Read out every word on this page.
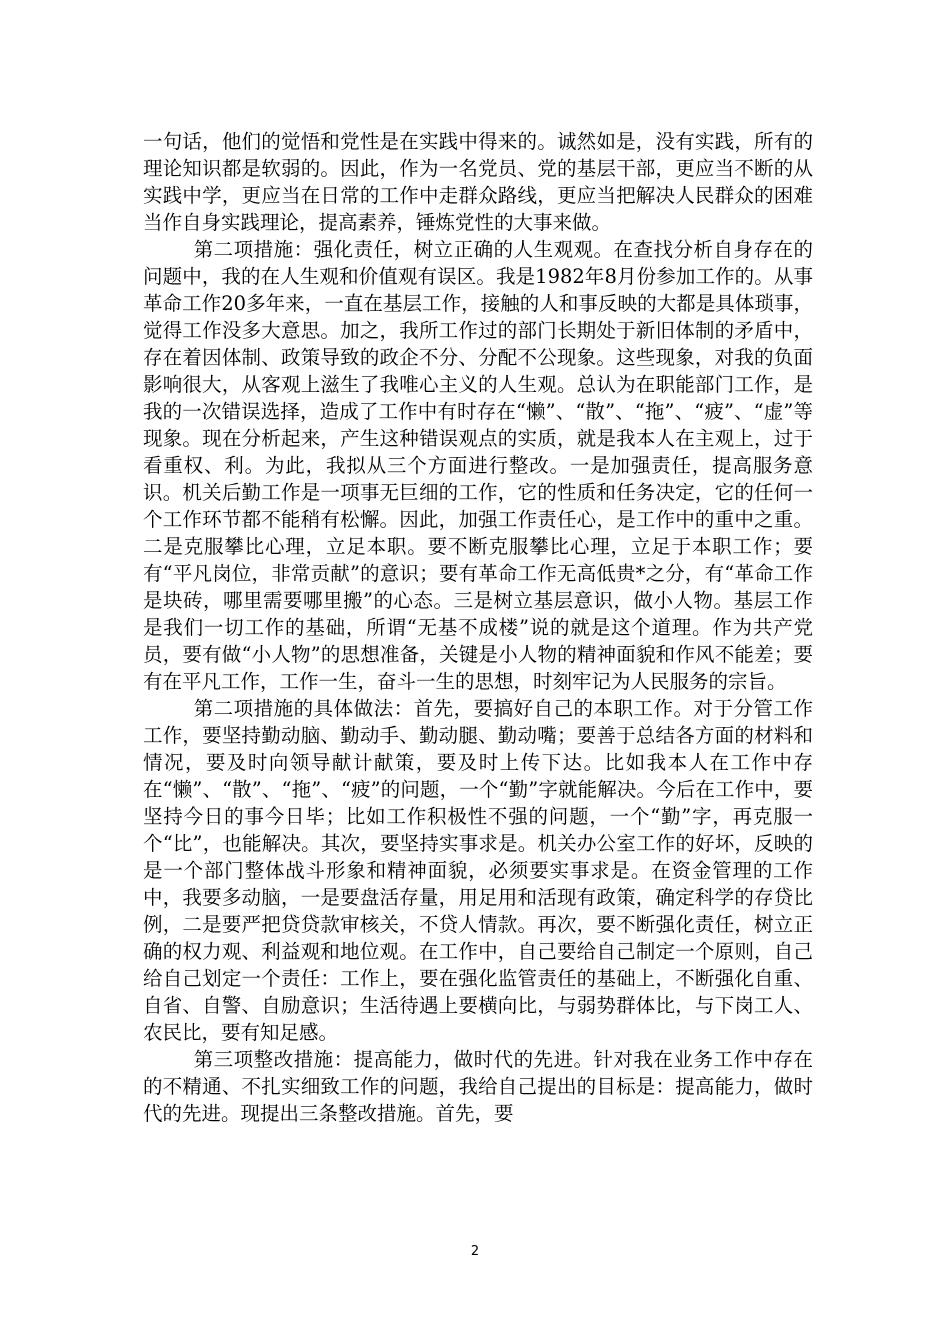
一句话，他们的觉悟和党性是在实践中得来的。诚然如是，没有实践，所有的理论知识都是软弱的。因此，作为一名党员、党的基层干部，更应当不断的从实践中学，更应当在日常的工作中走群众路线，更应当把解决人民群众的困难当作自身实践理论，提高素养，锤炼党性的大事来做。

第二项措施：强化责任，树立正确的人生观观。在查找分析自身存在的问题中，我的在人生观和价值观有误区。我是1982年8月份参加工作的。从事革命工作20多年来，一直在基层工作，接触的人和事反映的大都是具体琐事，觉得工作没多大意思。加之，我所工作过的部门长期处于新旧体制的矛盾中，存在着因体制、政策导致的政企不分、分配不公现象。这些现象，对我的负面影响很大，从客观上滋生了我唯心主义的人生观。总认为在职能部门工作，是我的一次错误选择，造成了工作中有时存在“懒”、“散”、“拖”、“疲”、“虚”等现象。现在分析起来，产生这种错误观点的实质，就是我本人在主观上，过于看重权、利。为此，我拟从三个方面进行整改。一是加强责任，提高服务意识。机关后勤工作是一项事无巨细的工作，它的性质和任务决定，它的任何一个工作环节都不能稍有松懈。因此，加强工作责任心，是工作中的重中之重。二是克服攀比心理，立足本职。要不断克服攀比心理，立足于本职工作；要有“平凡岗位，非常贡献”的意识；要有革命工作无高低贵*之分，有“革命工作是块砖，哪里需要哪里搬”的心态。三是树立基层意识，做小人物。基层工作是我们一切工作的基础，所谓“无基不成楼”说的就是这个道理。作为共产党员，要有做“小人物”的思想准备，关键是小人物的精神面貌和作风不能差；要有在平凡工作，工作一生，奋斗一生的思想，时刻牢记为人民服务的宗旨。

第二项措施的具体做法：首先，要搞好自己的本职工作。对于分管工作工作，要坚持勤动脑、勤动手、勤动腿、勤动嘴；要善于总结各方面的材料和情况，要及时向领导献计献策，要及时上传下达。比如我本人在工作中存在“懒”、“散”、“拖”、“疲”的问题，一个“勤”字就能解决。今后在工作中，要坚持今日的事今日毕；比如工作积极性不强的问题，一个“勤”字，再克服一个“比”，也能解决。其次，要坚持实事求是。机关办公室工作的好坏，反映的是一个部门整体战斗形象和精神面貌，必须要实事求是。在资金管理的工作中，我要多动脑，一是要盘活存量，用足用和活现有政策，确定科学的存贷比例，二是要严把贷贷款审核关，不贷人情款。再次，要不断强化责任，树立正确的权力观、利益观和地位观。在工作中，自己要给自己制定一个原则，自己给自己划定一个责任：工作上，要在强化监管责任的基础上，不断强化自重、自省、自警、自励意识；生活待遇上要横向比，与弱势群体比，与下岗工人、农民比，要有知足感。

第三项整改措施：提高能力，做时代的先进。针对我在业务工作中存在的不精通、不扎实细致工作的问题，我给自己提出的目标是：提高能力，做时代的先进。现提出三条整改措施。首先，要

2
